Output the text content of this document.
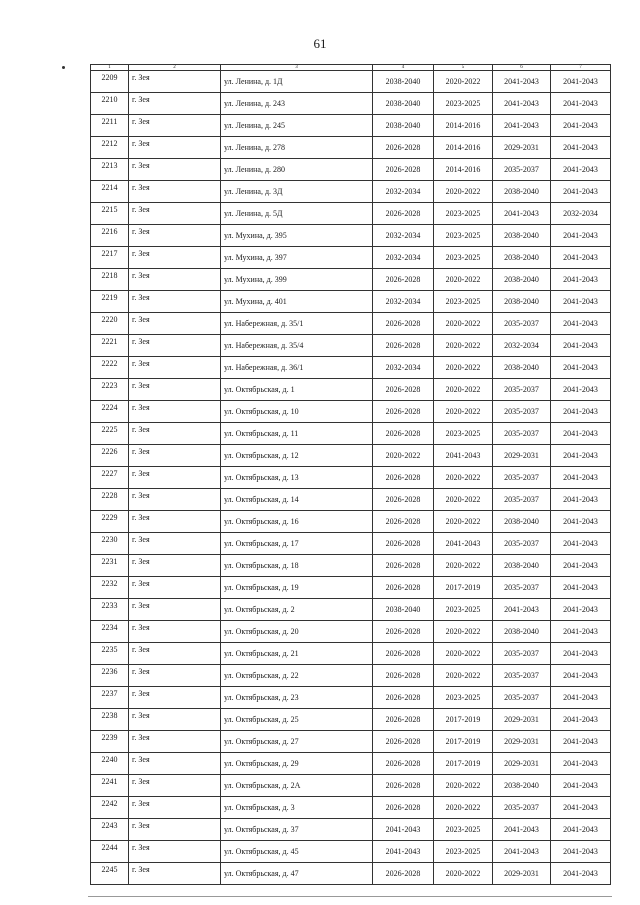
61
1	2	3	4	5	6	7
2209	г. Зея	ул. Ленина, д. 1Д	2038-2040	2020-2022	2041-2043	2041-2043
2210	г. Зея	ул. Ленина, д. 243	2038-2040	2023-2025	2041-2043	2041-2043
2211	г. Зея	ул. Ленина, д. 245	2038-2040	2014-2016	2041-2043	2041-2043
2212	г. Зея	ул. Ленина, д. 278	2026-2028	2014-2016	2029-2031	2041-2043
2213	г. Зея	ул. Ленина, д. 280	2026-2028	2014-2016	2035-2037	2041-2043
2214	г. Зея	ул. Ленина, д. 3Д	2032-2034	2020-2022	2038-2040	2041-2043
2215	г. Зея	ул. Ленина, д. 5Д	2026-2028	2023-2025	2041-2043	2032-2034
2216	г. Зея	ул. Мухина, д. 395	2032-2034	2023-2025	2038-2040	2041-2043
2217	г. Зея	ул. Мухина, д. 397	2032-2034	2023-2025	2038-2040	2041-2043
2218	г. Зея	ул. Мухина, д. 399	2026-2028	2020-2022	2038-2040	2041-2043
2219	г. Зея	ул. Мухина, д. 401	2032-2034	2023-2025	2038-2040	2041-2043
2220	г. Зея	ул. Набережная, д. 35/1	2026-2028	2020-2022	2035-2037	2041-2043
2221	г. Зея	ул. Набережная, д. 35/4	2026-2028	2020-2022	2032-2034	2041-2043
2222	г. Зея	ул. Набережная, д. 36/1	2032-2034	2020-2022	2038-2040	2041-2043
2223	г. Зея	ул. Октябрьская, д. 1	2026-2028	2020-2022	2035-2037	2041-2043
2224	г. Зея	ул. Октябрьская, д. 10	2026-2028	2020-2022	2035-2037	2041-2043
2225	г. Зея	ул. Октябрьская, д. 11	2026-2028	2023-2025	2035-2037	2041-2043
2226	г. Зея	ул. Октябрьская, д. 12	2020-2022	2041-2043	2029-2031	2041-2043
2227	г. Зея	ул. Октябрьская, д. 13	2026-2028	2020-2022	2035-2037	2041-2043
2228	г. Зея	ул. Октябрьская, д. 14	2026-2028	2020-2022	2035-2037	2041-2043
2229	г. Зея	ул. Октябрьская, д. 16	2026-2028	2020-2022	2038-2040	2041-2043
2230	г. Зея	ул. Октябрьская, д. 17	2026-2028	2041-2043	2035-2037	2041-2043
2231	г. Зея	ул. Октябрьская, д. 18	2026-2028	2020-2022	2038-2040	2041-2043
2232	г. Зея	ул. Октябрьская, д. 19	2026-2028	2017-2019	2035-2037	2041-2043
2233	г. Зея	ул. Октябрьская, д. 2	2038-2040	2023-2025	2041-2043	2041-2043
2234	г. Зея	ул. Октябрьская, д. 20	2026-2028	2020-2022	2038-2040	2041-2043
2235	г. Зея	ул. Октябрьская, д. 21	2026-2028	2020-2022	2035-2037	2041-2043
2236	г. Зея	ул. Октябрьская, д. 22	2026-2028	2020-2022	2035-2037	2041-2043
2237	г. Зея	ул. Октябрьская, д. 23	2026-2028	2023-2025	2035-2037	2041-2043
2238	г. Зея	ул. Октябрьская, д. 25	2026-2028	2017-2019	2029-2031	2041-2043
2239	г. Зея	ул. Октябрьская, д. 27	2026-2028	2017-2019	2029-2031	2041-2043
2240	г. Зея	ул. Октябрьская, д. 29	2026-2028	2017-2019	2029-2031	2041-2043
2241	г. Зея	ул. Октябрьская, д. 2А	2026-2028	2020-2022	2038-2040	2041-2043
2242	г. Зея	ул. Октябрьская, д. 3	2026-2028	2020-2022	2035-2037	2041-2043
2243	г. Зея	ул. Октябрьская, д. 37	2041-2043	2023-2025	2041-2043	2041-2043
2244	г. Зея	ул. Октябрьская, д. 45	2041-2043	2023-2025	2041-2043	2041-2043
2245	г. Зея	ул. Октябрьская, д. 47	2026-2028	2020-2022	2029-2031	2041-2043
